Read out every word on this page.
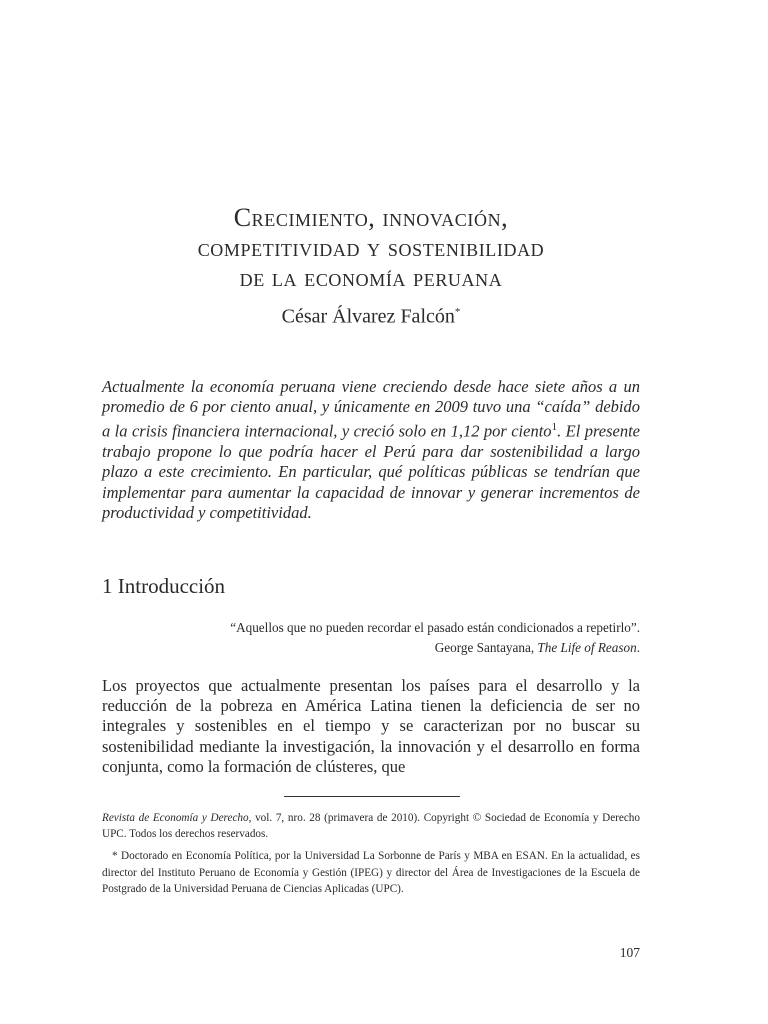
Crecimiento, innovación,
competitividad y sostenibilidad
de la economía peruana
César Álvarez Falcón*
Actualmente la economía peruana viene creciendo desde hace siete años a un promedio de 6 por ciento anual, y únicamente en 2009 tuvo una “caída” debido a la crisis financiera internacional, y creció solo en 1,12 por ciento$^1$. El presente trabajo propone lo que podría hacer el Perú para dar sostenibilidad a largo plazo a este crecimiento. En particular, qué políticas públicas se tendrían que implementar para aumentar la capacidad de innovar y generar incrementos de productividad y competitividad.
1 Introducción
“Aquellos que no pueden recordar el pasado están condicionados a repetirlo”.
George Santayana, The Life of Reason.
Los proyectos que actualmente presentan los países para el desarrollo y la reducción de la pobreza en América Latina tienen la deficiencia de ser no integrales y sostenibles en el tiempo y se caracterizan por no buscar su sostenibilidad mediante la investigación, la innovación y el desarrollo en forma conjunta, como la formación de clústeres, que

Revista de Economía y Derecho, vol. 7, nro. 28 (primavera de 2010). Copyright © Sociedad de Economía y Derecho UPC. Todos los derechos reservados.

* Doctorado en Economía Política, por la Universidad La Sorbonne de París y MBA en ESAN. En la actualidad, es director del Instituto Peruano de Economía y Gestión (IPEG) y director del Área de Investigaciones de la Escuela de Postgrado de la Universidad Peruana de Ciencias Aplicadas (UPC).

107
